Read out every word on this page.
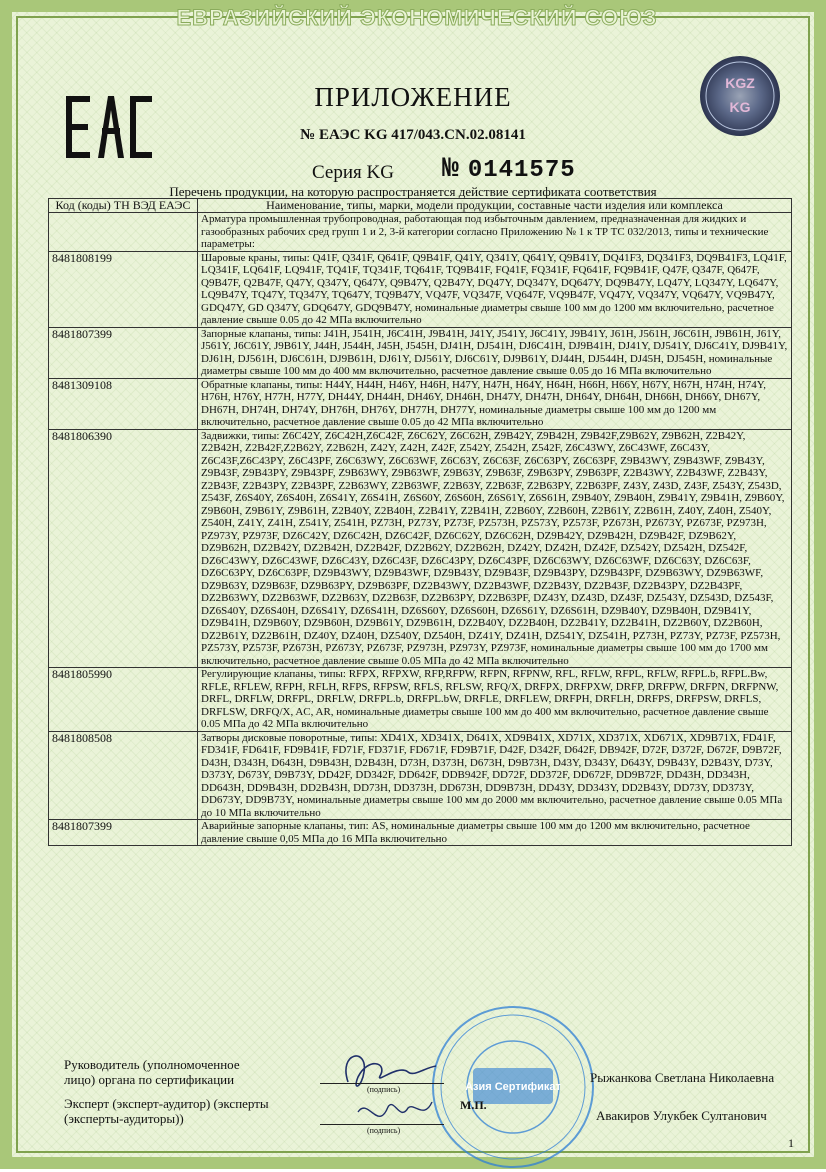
ЕВРАЗИЙСКИЙ ЭКОНОМИЧЕСКИЙ СОЮЗ
KGZ
KG
ПРИЛОЖЕНИЕ
№ ЕАЭС KG 417/043.CN.02.08141
Серия KG № 0141575
Перечень продукции, на которую распространяется действие сертификата соответствия
Код (коды) ТН ВЭД ЕАЭС	Наименование, типы, марки, модели продукции, составные части изделия или комплекса
	Арматура промышленная трубопроводная, работающая под избыточным давлением, предназначенная для жидких и газообразных рабочих сред групп 1 и 2, 3-й категории согласно Приложению № 1 к ТР ТС 032/2013, типы и технические параметры:
8481808199	Шаровые краны, типы: Q41F, Q341F, Q641F, Q9B41F, Q41Y, Q341Y, Q641Y, Q9B41Y, DQ41F3, DQ341F3, DQ9B41F3, LQ41F, LQ341F, LQ641F, LQ941F, TQ41F, TQ341F, TQ641F, TQ9B41F, FQ41F, FQ341F, FQ641F, FQ9B41F, Q47F, Q347F, Q647F, Q9B47F, Q2B47F, Q47Y, Q347Y, Q647Y, Q9B47Y, Q2B47Y, DQ47Y, DQ347Y, DQ647Y, DQ9B47Y, LQ47Y, LQ347Y, LQ647Y, LQ9B47Y, TQ47Y, TQ347Y, TQ647Y, TQ9B47Y, VQ47F, VQ347F, VQ647F, VQ9B47F, VQ47Y, VQ347Y, VQ647Y, VQ9B47Y, GDQ47Y, GD Q347Y, GDQ647Y, GDQ9B47Y, номинальные диаметры свыше 100 мм до 1200 мм включительно, расчетное давление свыше 0.05 до 42 МПа включительно
8481807399	Запорные клапаны, типы: J41H, J541H, J6C41H, J9B41H, J41Y, J541Y, J6C41Y, J9B41Y, J61H, J561H, J6C61H, J9B61H, J61Y, J561Y, J6C61Y, J9B61Y, J44H, J544H, J45H, J545H, DJ41H, DJ541H, DJ6C41H, DJ9B41H, DJ41Y, DJ541Y, DJ6C41Y, DJ9B41Y, DJ61H, DJ561H, DJ6C61H, DJ9B61H, DJ61Y, DJ561Y, DJ6C61Y, DJ9B61Y, DJ44H, DJ544H, DJ45H, DJ545H, номинальные диаметры свыше 100 мм до 400 мм включительно, расчетное давление свыше 0.05 до 16 МПа включительно
8481309108	Обратные клапаны, типы: H44Y, H44H, H46Y, H46H, H47Y, H47H, H64Y, H64H, H66H, H66Y, H67Y, H67H, H74H, H74Y, H76H, H76Y, H77H, H77Y, DH44Y, DH44H, DH46Y, DH46H, DH47Y, DH47H, DH64Y, DH64H, DH66H, DH66Y, DH67Y, DH67H, DH74H, DH74Y, DH76H, DH76Y, DH77H, DH77Y, номинальные диаметры свыше 100 мм до 1200 мм включительно, расчетное давление свыше 0.05 до 42 МПа включительно
8481806390	Задвижки, типы: Z6C42Y, Z6C42H,Z6C42F, Z6C62Y, Z6C62H, Z9B42Y, Z9B42H, Z9B42F,Z9B62Y, Z9B62H, Z2B42Y, Z2B42H, Z2B42F,Z2B62Y, Z2B62H, Z42Y, Z42H, Z42F, Z542Y, Z542H, Z542F, Z6C43WY, Z6C43WF, Z6C43Y, Z6C43F,Z6C43PY, Z6C43PF, Z6C63WY, Z6C63WF, Z6C63Y, Z6C63F, Z6C63PY, Z6C63PF, Z9B43WY, Z9B43WF, Z9B43Y, Z9B43F, Z9B43PY, Z9B43PF, Z9B63WY, Z9B63WF, Z9B63Y, Z9B63F, Z9B63PY, Z9B63PF, Z2B43WY, Z2B43WF, Z2B43Y, Z2B43F, Z2B43PY, Z2B43PF, Z2B63WY, Z2B63WF, Z2B63Y, Z2B63F, Z2B63PY, Z2B63PF, Z43Y, Z43D, Z43F, Z543Y, Z543D, Z543F, Z6S40Y, Z6S40H, Z6S41Y, Z6S41H, Z6S60Y, Z6S60H, Z6S61Y, Z6S61H, Z9B40Y, Z9B40H, Z9B41Y, Z9B41H, Z9B60Y, Z9B60H, Z9B61Y, Z9B61H, Z2B40Y, Z2B40H, Z2B41Y, Z2B41H, Z2B60Y, Z2B60H, Z2B61Y, Z2B61H, Z40Y, Z40H, Z540Y, Z540H, Z41Y, Z41H, Z541Y, Z541H, PZ73H, PZ73Y, PZ73F, PZ573H, PZ573Y, PZ573F, PZ673H, PZ673Y, PZ673F, PZ973H, PZ973Y, PZ973F, DZ6C42Y, DZ6C42H, DZ6C42F, DZ6C62Y, DZ6C62H, DZ9B42Y, DZ9B42H, DZ9B42F, DZ9B62Y, DZ9B62H, DZ2B42Y, DZ2B42H, DZ2B42F, DZ2B62Y, DZ2B62H, DZ42Y, DZ42H, DZ42F, DZ542Y, DZ542H, DZ542F, DZ6C43WY, DZ6C43WF, DZ6C43Y, DZ6C43F, DZ6C43PY, DZ6C43PF, DZ6C63WY, DZ6C63WF, DZ6C63Y, DZ6C63F, DZ6C63PY, DZ6C63PF, DZ9B43WY, DZ9B43WF, DZ9B43Y, DZ9B43F, DZ9B43PY, DZ9B43PF, DZ9B63WY, DZ9B63WF, DZ9B63Y, DZ9B63F, DZ9B63PY, DZ9B63PF, DZ2B43WY, DZ2B43WF, DZ2B43Y, DZ2B43F, DZ2B43PY, DZ2B43PF, DZ2B63WY, DZ2B63WF, DZ2B63Y, DZ2B63F, DZ2B63PY, DZ2B63PF, DZ43Y, DZ43D, DZ43F, DZ543Y, DZ543D, DZ543F, DZ6S40Y, DZ6S40H, DZ6S41Y, DZ6S41H, DZ6S60Y, DZ6S60H, DZ6S61Y, DZ6S61H, DZ9B40Y, DZ9B40H, DZ9B41Y, DZ9B41H, DZ9B60Y, DZ9B60H, DZ9B61Y, DZ9B61H, DZ2B40Y, DZ2B40H, DZ2B41Y, DZ2B41H, DZ2B60Y, DZ2B60H, DZ2B61Y, DZ2B61H, DZ40Y, DZ40H, DZ540Y, DZ540H, DZ41Y, DZ41H, DZ541Y, DZ541H, PZ73H, PZ73Y, PZ73F, PZ573H, PZ573Y, PZ573F, PZ673H, PZ673Y, PZ673F, PZ973H, PZ973Y, PZ973F, номинальные диаметры свыше 100 мм до 1700 мм включительно, расчетное давление свыше 0.05 МПа до 42 МПа включительно
8481805990	Регулирующие клапаны, типы: RFPX, RFPXW, RFP,RFPW, RFPN, RFPNW, RFL, RFLW, RFPL, RFLW, RFPL.b, RFPL.Bw, RFLE, RFLEW, RFPH, RFLH, RFPS, RFPSW, RFLS, RFLSW, RFQ/X, DRFPX, DRFPXW, DRFP, DRFPW, DRFPN, DRFPNW, DRFL, DRFLW, DRFPL, DRFLW, DRFPL.b, DRFPL.bW, DRFLE, DRFLEW, DRFPH, DRFLH, DRFPS, DRFPSW, DRFLS, DRFLSW, DRFQ/X, AC, AR, номинальные диаметры свыше 100 мм до 400 мм включительно, расчетное давление свыше 0.05 МПа до 42 МПа включительно
8481808508	Затворы дисковые поворотные, типы: XD41X, XD341X, D641X, XD9B41X, XD71X, XD371X, XD671X, XD9B71X, FD41F, FD341F, FD641F, FD9B41F, FD71F, FD371F, FD671F, FD9B71F, D42F, D342F, D642F, DB942F, D72F, D372F, D672F, D9B72F, D43H, D343H, D643H, D9B43H, D2B43H, D73H, D373H, D673H, D9B73H, D43Y, D343Y, D643Y, D9B43Y, D2B43Y, D73Y, D373Y, D673Y, D9B73Y, DD42F, DD342F, DD642F, DDB942F, DD72F, DD372F, DD672F, DD9B72F, DD43H, DD343H, DD643H, DD9B43H, DD2B43H, DD73H, DD373H, DD673H, DD9B73H, DD43Y, DD343Y, DD2B43Y, DD73Y, DD373Y, DD673Y, DD9B73Y, номинальные диаметры свыше 100 мм до 2000 мм включительно, расчетное давление свыше 0.05 МПа до 10 МПа включительно
8481807399	Аварийные запорные клапаны, тип: AS, номинальные диаметры свыше 100 мм до 1200 мм включительно, расчетное давление свыше 0,05 МПа до 16 МПа включительно
Руководитель (уполномоченное лицо) органа по сертификации
Эксперт (эксперт-аудитор) (эксперты (эксперты-аудиторы))
Азия Сертификат
(подпись)
(подпись)
М.П.
Рыжанкова Светлана Николаевна
Авакиров Улукбек Султанович
1
